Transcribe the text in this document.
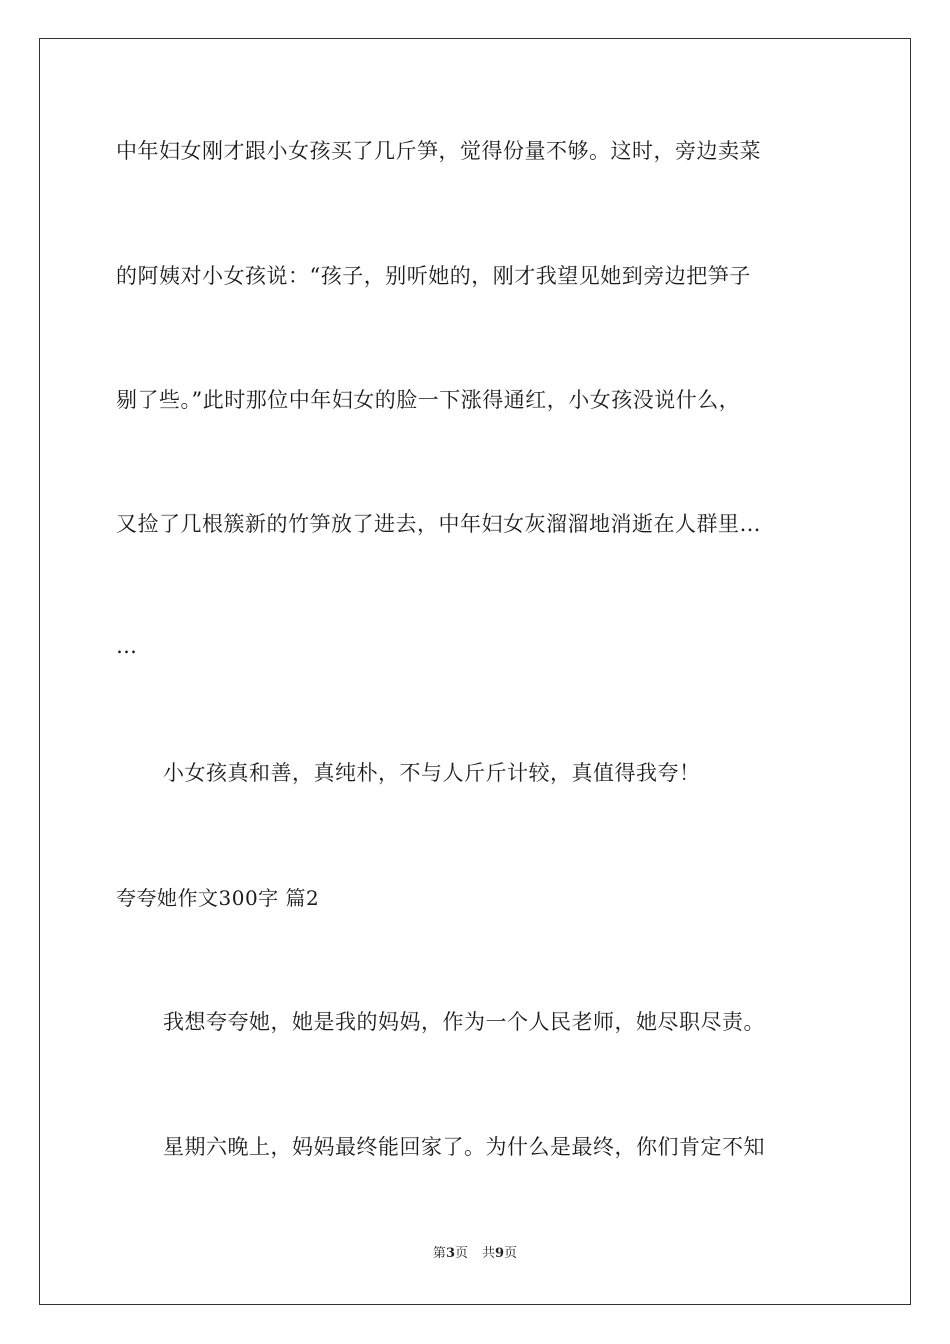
中年妇女刚才跟小女孩买了几斤笋，觉得份量不够。这时，旁边卖菜
的阿姨对小女孩说：“孩子，别听她的，刚才我望见她到旁边把笋子
剔了些。”此时那位中年妇女的脸一下涨得通红，小女孩没说什么，
又捡了几根簇新的竹笋放了进去，中年妇女灰溜溜地消逝在人群里…
…
小女孩真和善，真纯朴，不与人斤斤计较，真值得我夸！
夸夸她作文300字 篇2
我想夸夸她，她是我的妈妈，作为一个人民老师，她尽职尽责。
星期六晚上，妈妈最终能回家了。为什么是最终，你们肯定不知
第3页 共9页
